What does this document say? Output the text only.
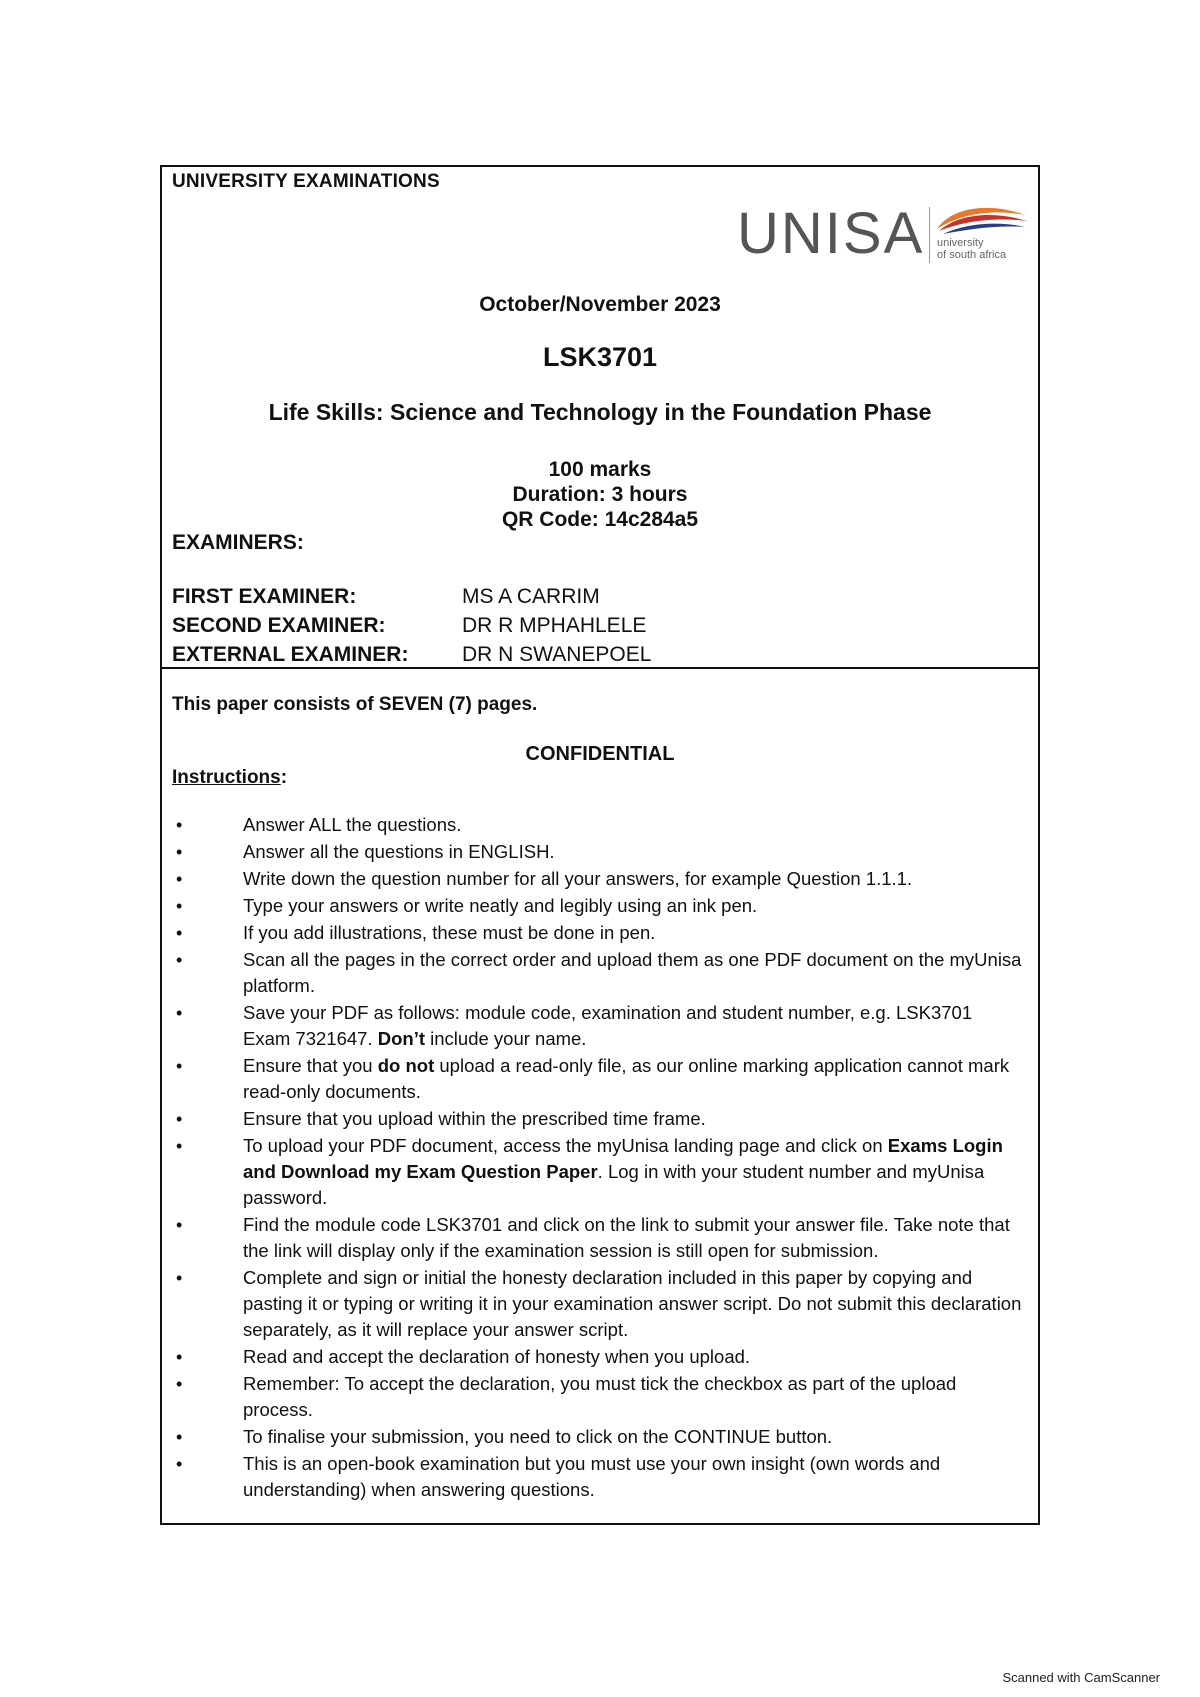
UNIVERSITY EXAMINATIONS
UNISA university
of south africa
October/November 2023
LSK3701
Life Skills: Science and Technology in the Foundation Phase
100 marks
Duration: 3 hours
QR Code: 14c284a5
EXAMINERS:
FIRST EXAMINER:	MS A CARRIM
SECOND EXAMINER:	DR R MPHAHLELE
EXTERNAL EXAMINER:	DR N SWANEPOEL
This paper consists of SEVEN (7) pages.
CONFIDENTIAL
Instructions:
•	Answer ALL the questions.
•	Answer all the questions in ENGLISH.
•	Write down the question number for all your answers, for example Question 1.1.1.
•	Type your answers or write neatly and legibly using an ink pen.
•	If you add illustrations, these must be done in pen.
•	Scan all the pages in the correct order and upload them as one PDF document on the myUnisa platform.
•	Save your PDF as follows: module code, examination and student number, e.g. LSK3701 Exam 7321647. Don’t include your name.
•	Ensure that you do not upload a read-only file, as our online marking application cannot mark read-only documents.
•	Ensure that you upload within the prescribed time frame.
•	To upload your PDF document, access the myUnisa landing page and click on Exams Login and Download my Exam Question Paper. Log in with your student number and myUnisa password.
•	Find the module code LSK3701 and click on the link to submit your answer file. Take note that the link will display only if the examination session is still open for submission.
•	Complete and sign or initial the honesty declaration included in this paper by copying and pasting it or typing or writing it in your examination answer script. Do not submit this declaration separately, as it will replace your answer script.
•	Read and accept the declaration of honesty when you upload.
•	Remember: To accept the declaration, you must tick the checkbox as part of the upload process.
•	To finalise your submission, you need to click on the CONTINUE button.
•	This is an open-book examination but you must use your own insight (own words and understanding) when answering questions.
Scanned with CamScanner
